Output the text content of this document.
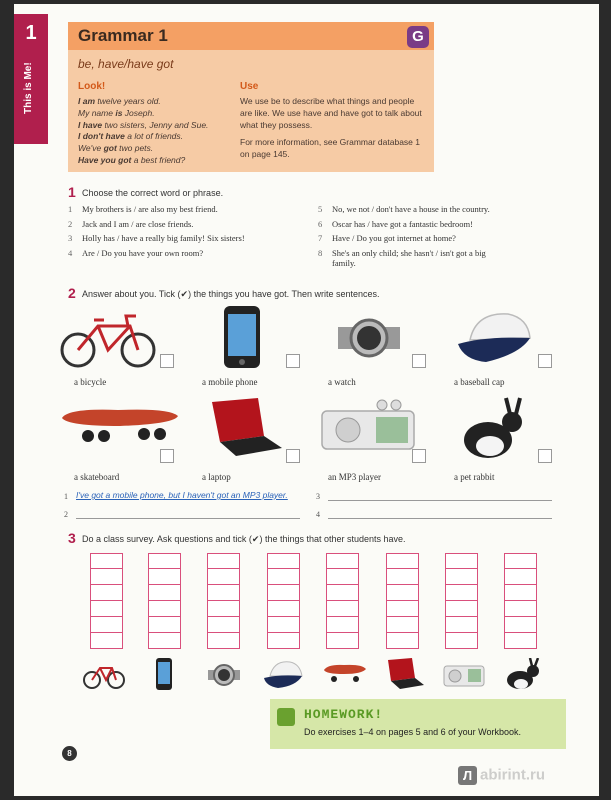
1
This is Me!
Grammar 1
be, have/have got
Look!
I am twelve years old.
My name is Joseph.
I have two sisters, Jenny and Sue.
I don't have a lot of friends.
We've got two pets.
Have you got a best friend?
Use
We use be to describe what things and people are like. We use have and have got to talk about what they possess.
For more information, see Grammar database 1 on page 145.
G
1 Choose the correct word or phrase.
1 My brothers is / are also my best friend.
2 Jack and I am / are close friends.
3 Holly has / have a really big family! Six sisters!
4 Are / Do you have your own room?
5 No, we not / don't have a house in the country.
6 Oscar has / have got a fantastic bedroom!
7 Have / Do you got internet at home?
8 She's an only child; she hasn't / isn't got a big
family.
2 Answer about you. Tick (✔) the things you have got. Then write sentences.
a bicycle	a mobile phone	a watch	a baseball cap
a skateboard	a laptop	an MP3 player	a pet rabbit
1 I've got a mobile phone, but I haven't got an MP3 player.
2
3
4
3 Do a class survey. Ask questions and tick (✔) the things that other students have.
HOMEWORK!
Do exercises 1–4 on pages 5 and 6 of your Workbook.
8
Л abirint.ru
